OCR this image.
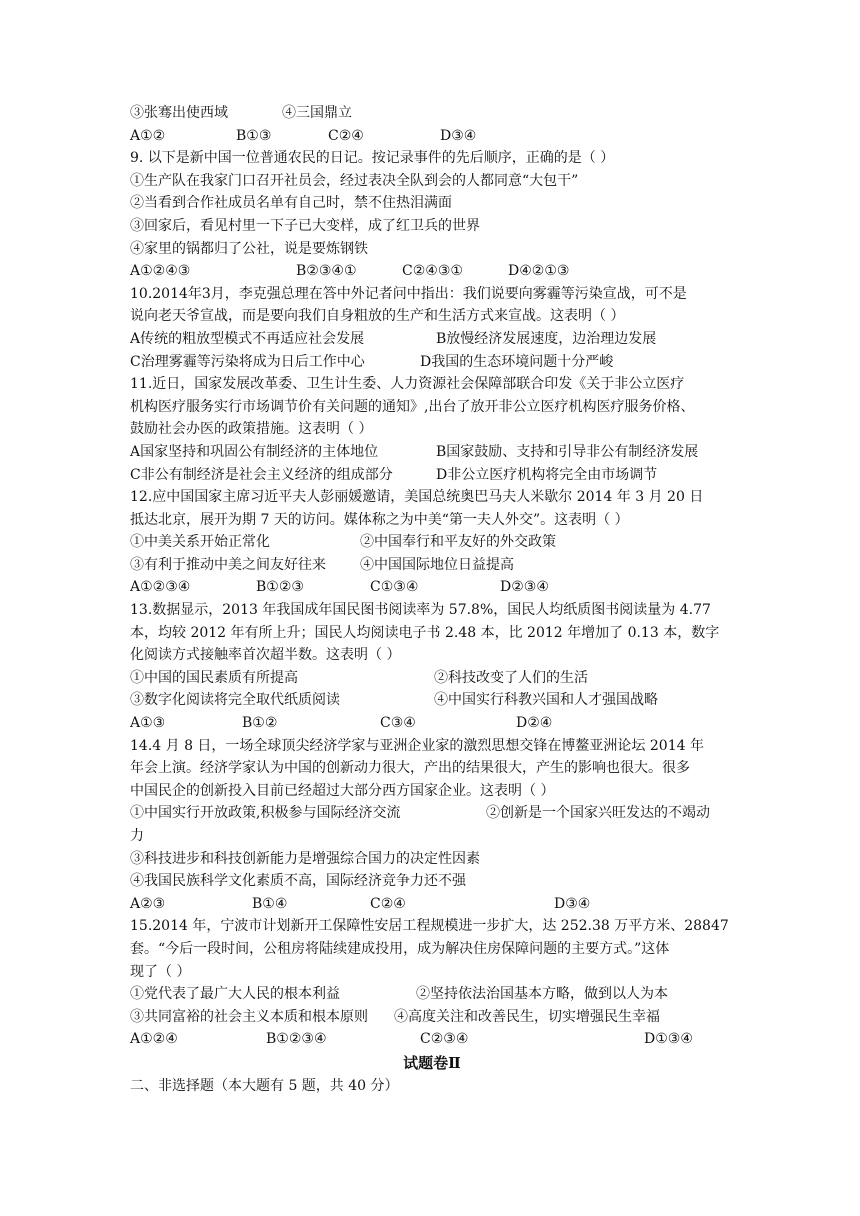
③张骞出使西域	④三国鼎立
A①②	B①③	C②④	D③④
9. 以下是新中国一位普通农民的日记。按记录事件的先后顺序，正确的是（ ）
①生产队在我家门口召开社员会，经过表决全队到会的人都同意“大包干”
②当看到合作社成员名单有自己时，禁不住热泪满面
③回家后，看见村里一下子已大变样，成了红卫兵的世界
④家里的锅都归了公社，说是要炼钢铁
A①②④③	B②③④①	C②④③①	D④②①③
10.2014年3月，李克强总理在答中外记者问中指出：我们说要向雾霾等污染宣战，可不是
说向老天爷宣战，而是要向我们自身粗放的生产和生活方式来宣战。这表明（ ）
A传统的粗放型模式不再适应社会发展	B放慢经济发展速度，边治理边发展
C治理雾霾等污染将成为日后工作中心	D我国的生态环境问题十分严峻
11.近日，国家发展改革委、卫生计生委、人力资源社会保障部联合印发《关于非公立医疗
机构医疗服务实行市场调节价有关问题的通知》,出台了放开非公立医疗机构医疗服务价格、
鼓励社会办医的政策措施。这表明（ ）
A国家坚持和巩固公有制经济的主体地位	B国家鼓励、支持和引导非公有制经济发展
C非公有制经济是社会主义经济的组成部分	D非公立医疗机构将完全由市场调节
12.应中国国家主席习近平夫人彭丽媛邀请，美国总统奥巴马夫人米歇尔 2014 年 3 月 20 日
抵达北京，展开为期 7 天的访问。媒体称之为中美“第一夫人外交”。这表明（ ）
①中美关系开始正常化	②中国奉行和平友好的外交政策
③有利于推动中美之间友好往来 ④中国国际地位日益提高
A①②③④	B①②③	C①③④	D②③④
13.数据显示，2013 年我国成年国民图书阅读率为 57.8%，国民人均纸质图书阅读量为 4.77
本，均较 2012 年有所上升；国民人均阅读电子书 2.48 本，比 2012 年增加了 0.13 本，数字
化阅读方式接触率首次超半数。这表明（ ）
①中国的国民素质有所提高	②科技改变了人们的生活
③数字化阅读将完全取代纸质阅读	④中国实行科教兴国和人才强国战略
A①③	B①②	C③④	D②④
14.4 月 8 日，一场全球顶尖经济学家与亚洲企业家的激烈思想交锋在博鳌亚洲论坛 2014 年
年会上演。经济学家认为中国的创新动力很大，产出的结果很大，产生的影响也很大。很多
中国民企的创新投入目前已经超过大部分西方国家企业。这表明（ ）
①中国实行开放政策,积极参与国际经济交流	②创新是一个国家兴旺发达的不竭动
力
③科技进步和科技创新能力是增强综合国力的决定性因素
④我国民族科学文化素质不高，国际经济竞争力还不强
A②③	B①④	C②④	D③④
15.2014 年，宁波市计划新开工保障性安居工程规模进一步扩大，达 252.38 万平方米、28847
套。“今后一段时间，公租房将陆续建成投用，成为解决住房保障问题的主要方式。”这体
现了（ ）
①党代表了最广大人民的根本利益	②坚持依法治国基本方略，做到以人为本
③共同富裕的社会主义本质和根本原则 ④高度关注和改善民生，切实增强民生幸福
A①②④	B①②③④	C②③④	D①③④
试题卷Ⅱ
二、非选择题（本大题有 5 题，共 40 分）
